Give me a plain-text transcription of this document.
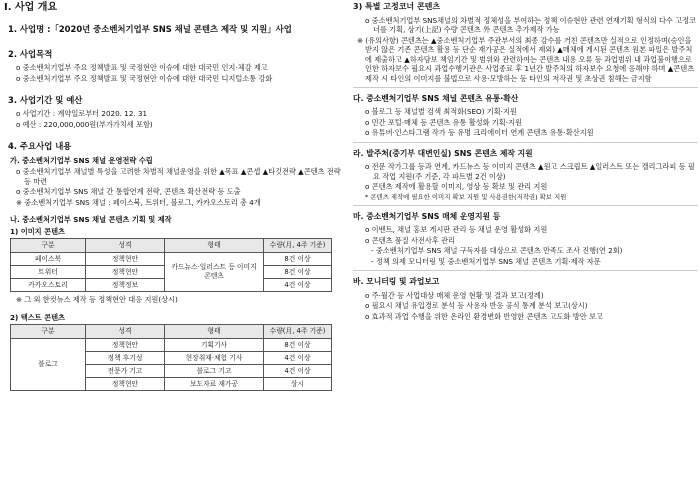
Ⅰ. 사업 개요
1. 사업명 :「2020년 중소벤처기업부 SNS 채널 콘텐츠 제작 및 지원」사업
2. 사업목적
o 중소벤처기업부 주요 정책발표 및 국정현안 이슈에 대한 대국민 인지·체감 제고
o 중소벤처기업부 주요 정책발표 및 국정현안 이슈에 대한 대국민 디지털소통 강화
3. 사업기간 및 예산
o 사업기간 : 계약일로부터 2020. 12. 31
o 예산 : 220,000,000원(부가가치세 포함)
4. 주요사업 내용
가. 중소벤처기업부 SNS 채널 운영전략 수립
o 중소벤처기업부 채널별 특성을 고려한 차별적 채널운영을 위한 ▲목표 ▲콘셉 ▲타깃전략 ▲콘텐츠 전략 등 마련
o 중소벤처기업부 SNS 채널 간 통합연계 전략, 콘텐츠 확산전략 등 도출
※ 중소벤처기업부 SNS 채널 : 페이스북, 트위터, 블로그, 카카오스토리 총 4개
나. 중소벤처기업부 SNS 채널 콘텐츠 기획 및 제작
1) 이미지 콘텐츠
구분	성격	형태	수량(月, 4주 기준)
페이스북	정책현안	카드뉴스·일러스트 등 이미지 콘텐츠	8건 이상
트위터	정책현안		8건 이상
카카오스토리	정책정보		4건 이상
※ 그 외 한컷뉴스 제작 등 정책현안 대응 지원(상시)
2) 텍스트 콘텐츠
구분	성격	형태	수량(月, 4주 기준)
블로그	정책현안	기획기사	8건 이상
	정책 후기성	현장취재·체험 기사	4건 이상
	전문가 기고	블로그 기고	4건 이상
	정책현안	보도자료 재가공	상시
3) 특별 고정코너 콘텐츠
o 중소벤처기업부 SNS채널의 차별적 정체성을 부여하는 정책 이슈현안 관련 연재기획 형식의 다수 고정코너를 기획, 상기(上記) 수량 콘텐츠 外 콘텐츠 추가제작 가능
※ (유의사항) 콘텐츠는 ▲중소벤처기업부 주관부서의 최종 감수를 거친 콘텐츠만 실적으로 인정하며(승인을 받지 않은 기존 콘텐츠 활용 등 단순 재가공은 실적에서 제외) ▲매체에 게시된 콘텐츠 원본 파일은 발주처에 제출하고 ▲하자담보 책임기간 및 범위와 관련하여는 콘텐츠 내용 오류 등 과업범위 내 과업불이행으로 인한 하자보수 필요시 과업수행기관은 사업종료 후 1년간 발주처의 하자보수 요청에 응해야 하며 ▲콘텐츠 제작 시 타인의 이미지를 불법으로 사용·모방하는 등 타인의 저작권 및 초상권 침해는 금지함
다. 중소벤처기업부 SNS 채널 콘텐츠 유통·확산
o 블로그 등 채널별 검색 최적화(SEO) 기획·지원
o 민간 포털·매체 등 콘텐츠 유통 활성화 기획·지원
o 유튜버·인스타그램 작가 등 유명 크리에이터 연계 콘텐츠 유통·확산지원
라. 발주처(중기부 대변인실) SNS 콘텐츠 제작 지원
o 전문 작가그룹 등과 연계, 카드뉴스 등 이미지 콘텐츠 ▲원고 스크립트 ▲일러스트 또는 캘리그라피 등 필요 작업 지원(주 기준, 각 파트별 2건 이상)
o 콘텐츠 제작에 활용할 이미지, 영상 등 확보 및 관리 지원
* 콘텐츠 제작에 필요한 이미지 확보 지원 및 사용권한(저작권) 확보 지원
마. 중소벤처기업부 SNS 매체 운영지원 등
o 이벤트, 채널 홍보 게시판 관리 등 채널 운영 활성화 지원
o 콘텐츠 품질 사전사후 관리
- 중소벤처기업부 SNS 채널 구독자를 대상으로 콘텐츠 만족도 조사 진행(연 2회)
- 정책 의제 모니터링 및 중소벤처기업부 SNS 채널 콘텐츠 기획·제작 자문
바. 모니터링 및 과업보고
o 주·월간 등 사업대상 매체 운영 현황 및 결과 보고(정례)
o 필요시 채널 유입경로 분석 등 사용자 반응 공식 통계 분석 보고(상시)
o 효과적 과업 수행을 위한 온라인 환경변화 반영한 콘텐츠 고도화 방안 보고
